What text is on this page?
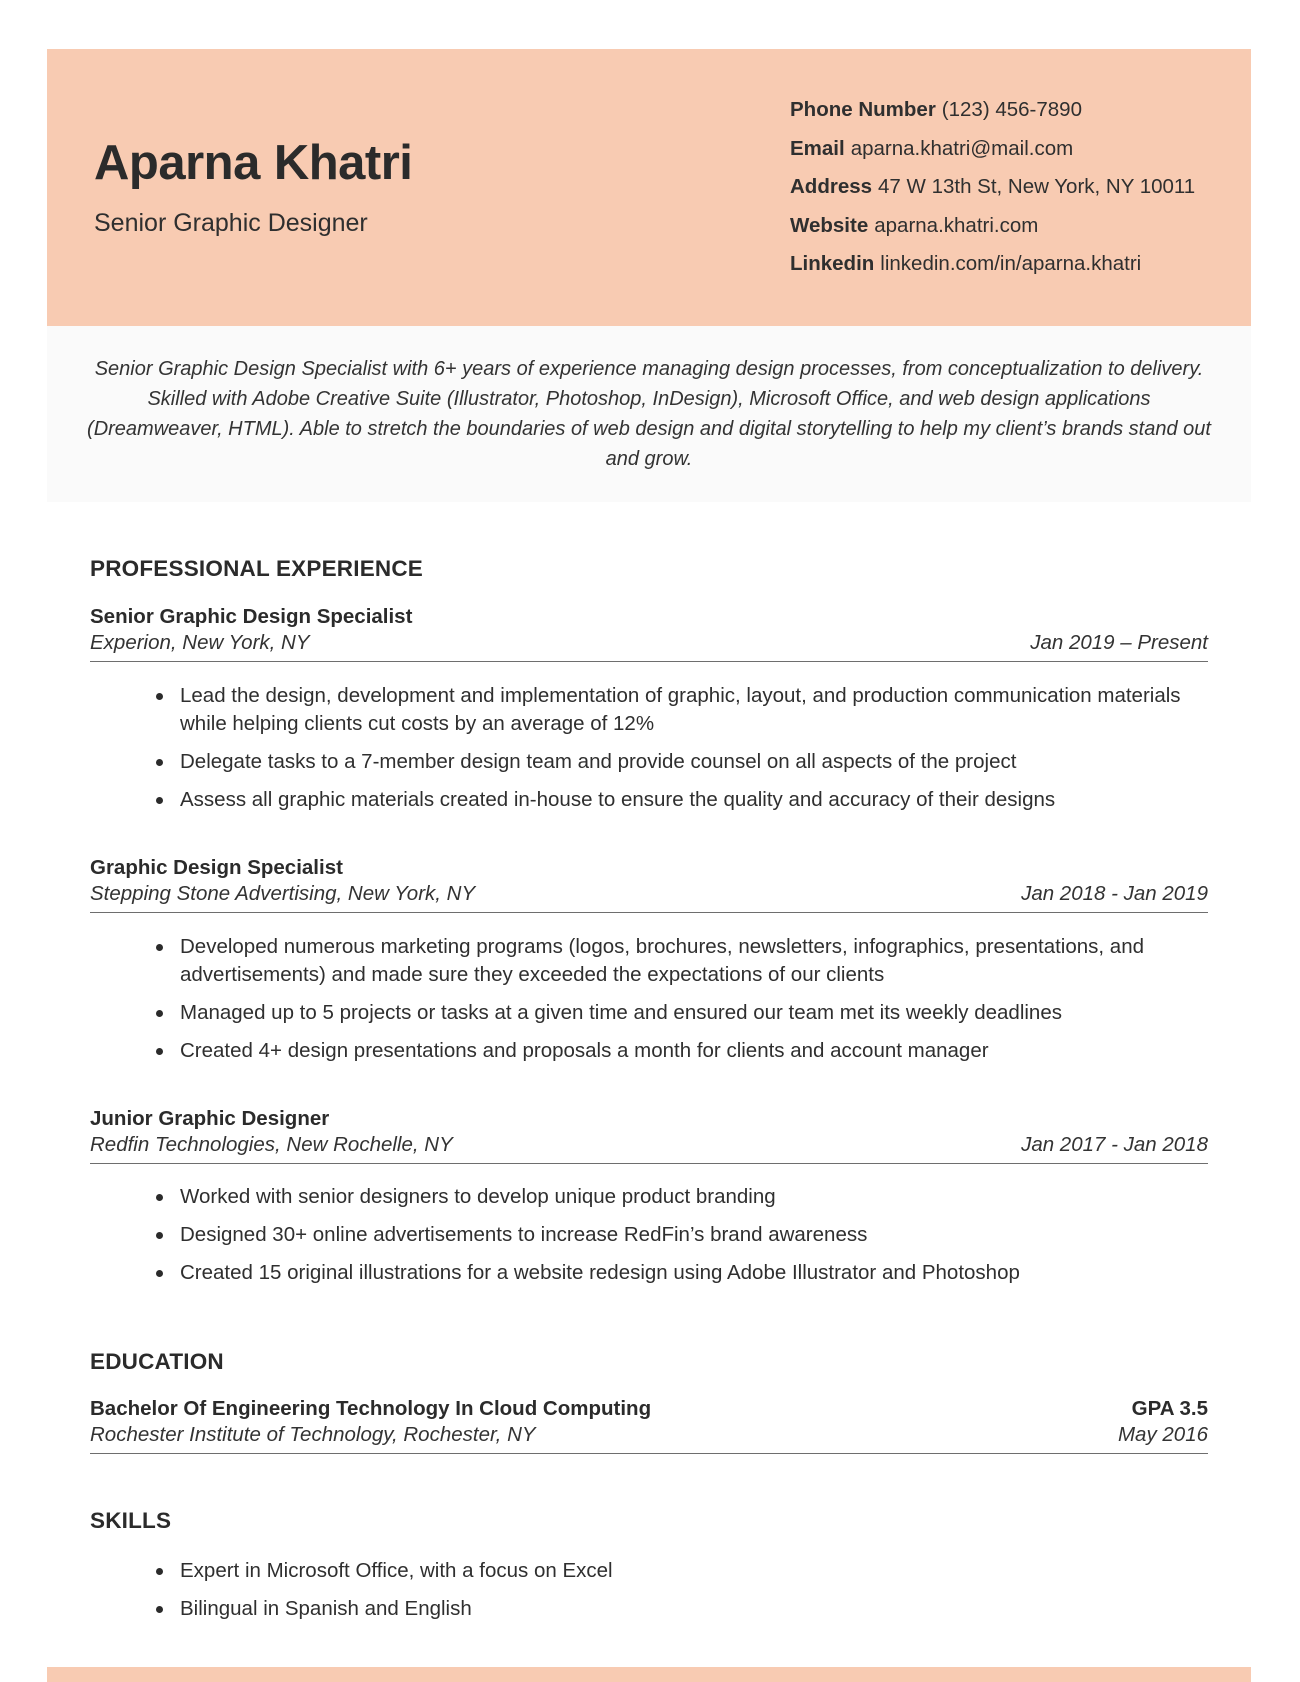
Aparna Khatri
Senior Graphic Designer
Phone Number (123) 456-7890
Email aparna.khatri@mail.com
Address 47 W 13th St, New York, NY 10011
Website aparna.khatri.com
Linkedin linkedin.com/in/aparna.khatri

Senior Graphic Design Specialist with 6+ years of experience managing design processes, from conceptualization to delivery. Skilled with Adobe Creative Suite (Illustrator, Photoshop, InDesign), Microsoft Office, and web design applications (Dreamweaver, HTML). Able to stretch the boundaries of web design and digital storytelling to help my client’s brands stand out and grow.

PROFESSIONAL EXPERIENCE
Senior Graphic Design Specialist
Experion, New York, NY	Jan 2019 – Present
Lead the design, development and implementation of graphic, layout, and production communication materials while helping clients cut costs by an average of 12%
Delegate tasks to a 7-member design team and provide counsel on all aspects of the project
Assess all graphic materials created in-house to ensure the quality and accuracy of their designs
Graphic Design Specialist
Stepping Stone Advertising, New York, NY	Jan 2018 - Jan 2019
Developed numerous marketing programs (logos, brochures, newsletters, infographics, presentations, and advertisements) and made sure they exceeded the expectations of our clients
Managed up to 5 projects or tasks at a given time and ensured our team met its weekly deadlines
Created 4+ design presentations and proposals a month for clients and account manager
Junior Graphic Designer
Redfin Technologies, New Rochelle, NY	Jan 2017 - Jan 2018
Worked with senior designers to develop unique product branding
Designed 30+ online advertisements to increase RedFin’s brand awareness
Created 15 original illustrations for a website redesign using Adobe Illustrator and Photoshop
EDUCATION
Bachelor Of Engineering Technology In Cloud Computing	GPA 3.5
Rochester Institute of Technology, Rochester, NY	May 2016
SKILLS
Expert in Microsoft Office, with a focus on Excel
Bilingual in Spanish and English
